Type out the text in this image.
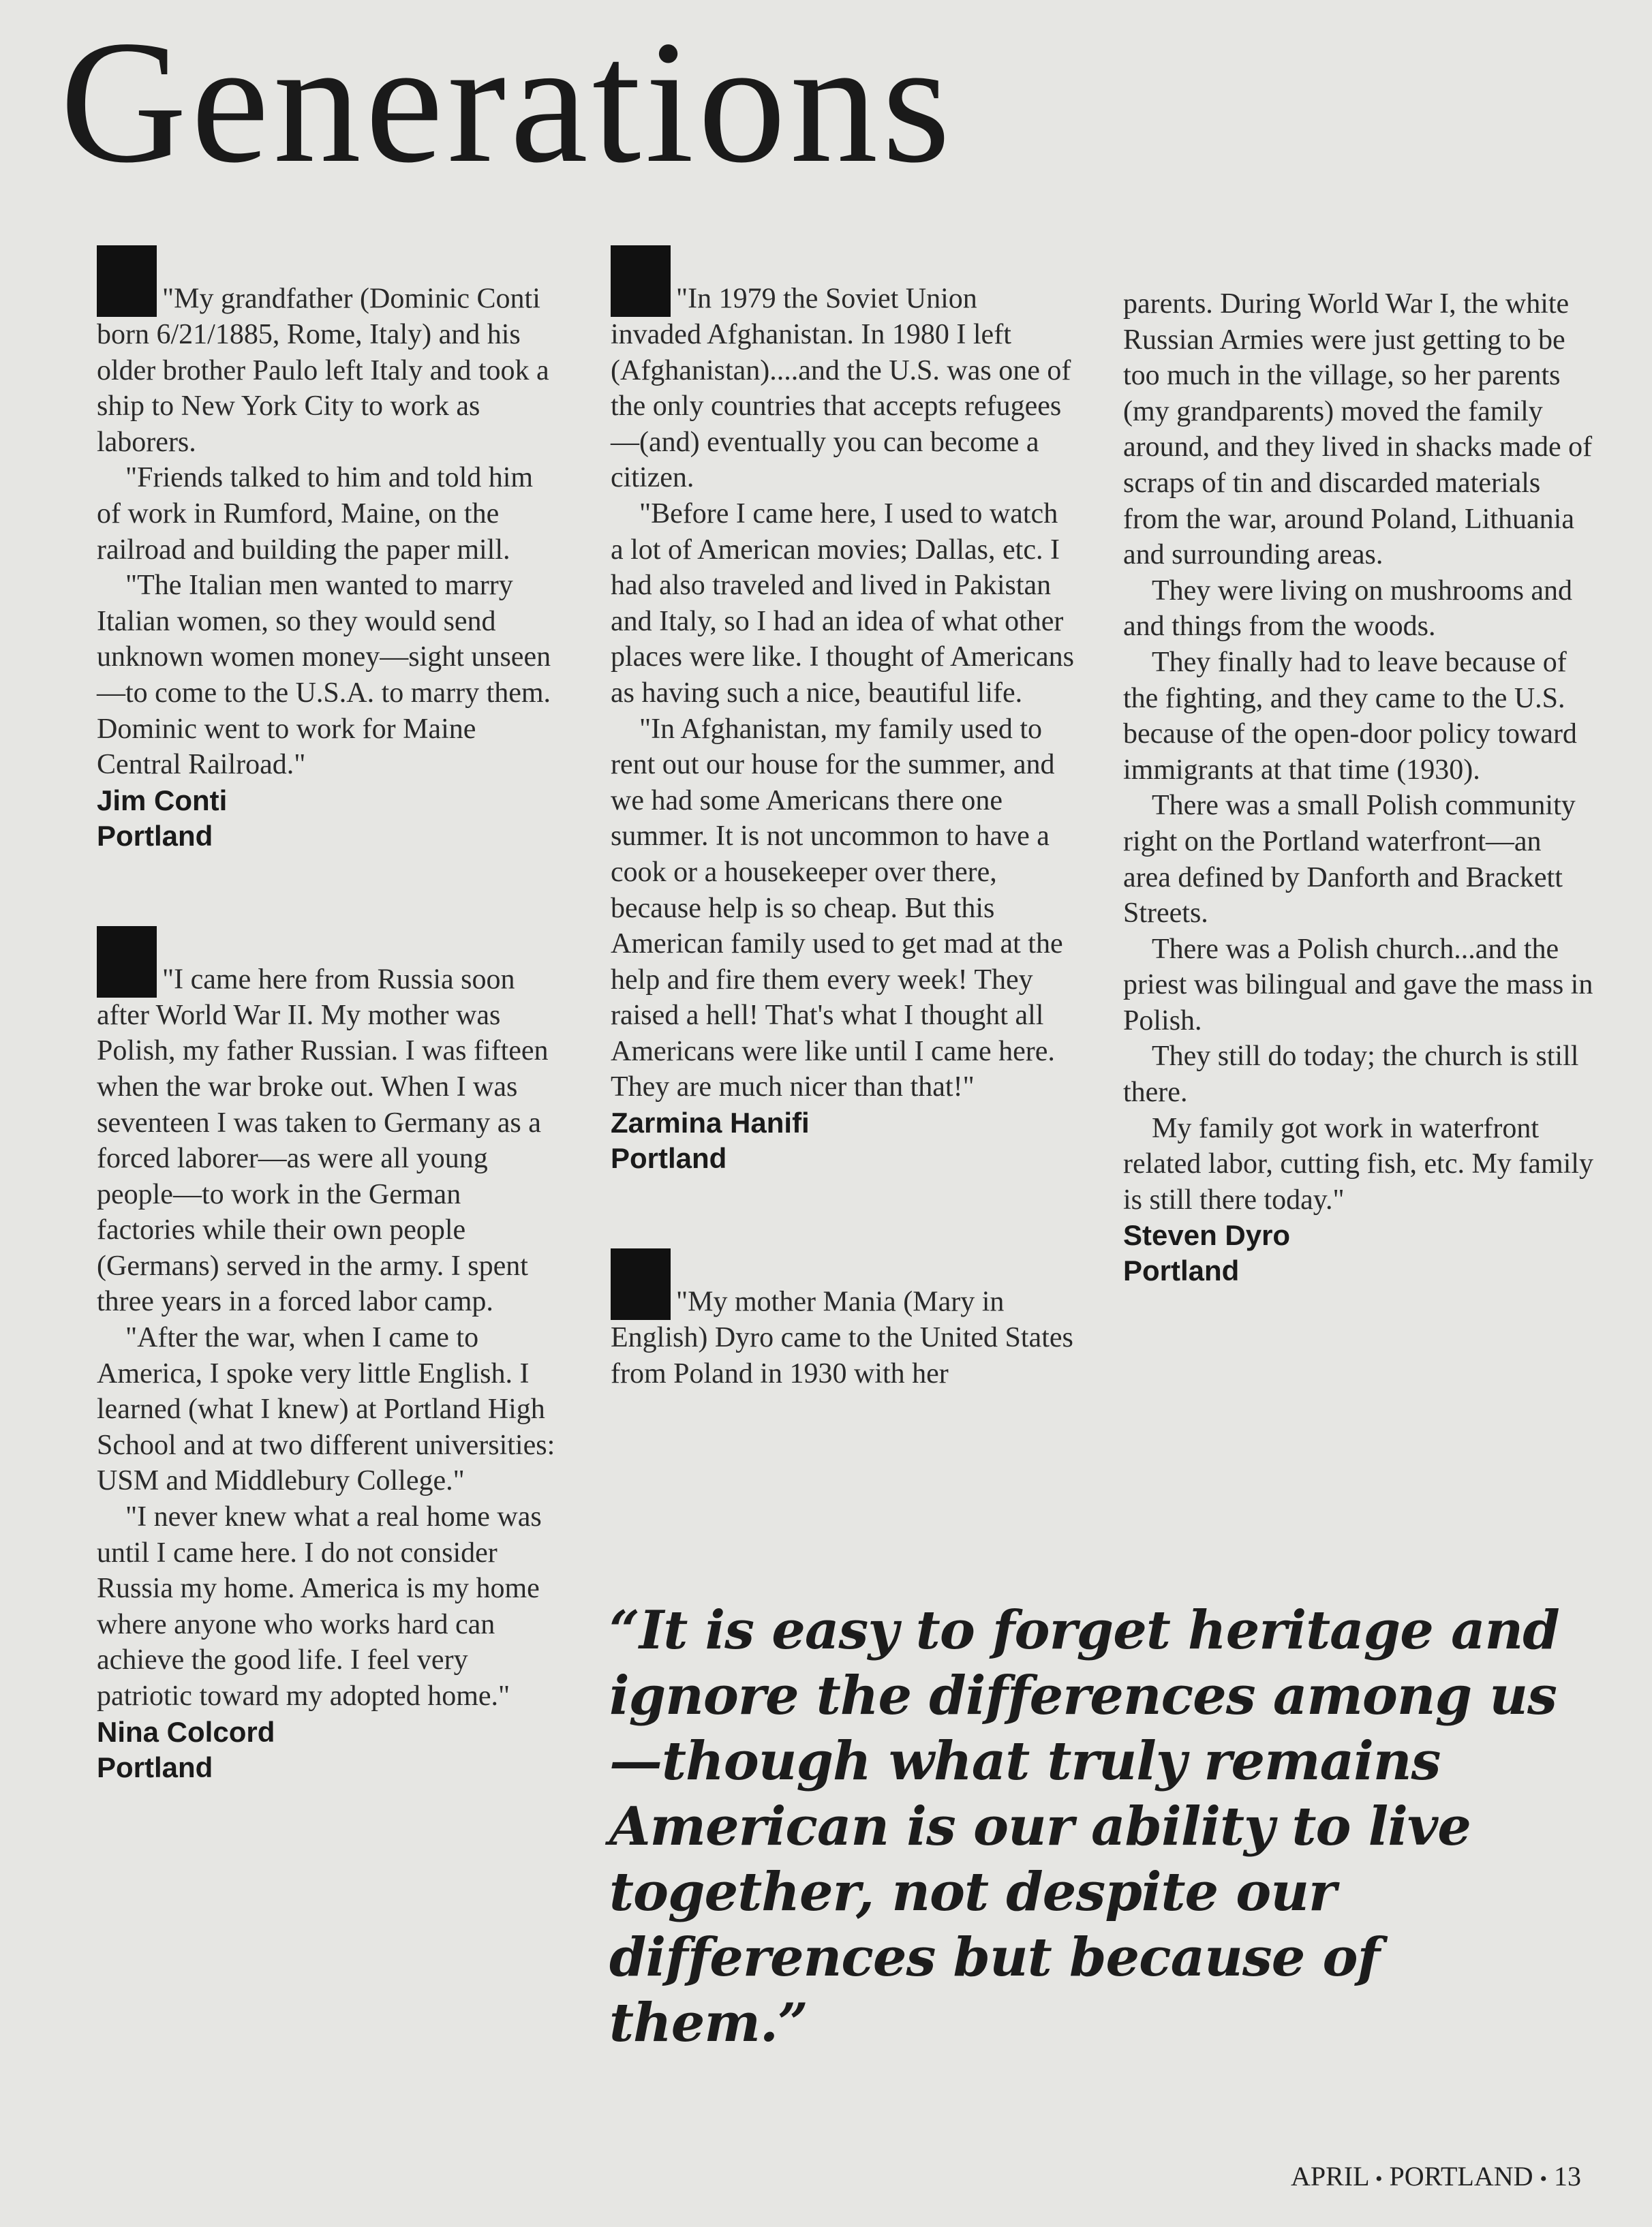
Generations

"My grandfather (Dominic Conti born 6/21/1885, Rome, Italy) and his older brother Paulo left Italy and took a ship to New York City to work as laborers.

"Friends talked to him and told him of work in Rumford, Maine, on the railroad and building the paper mill.

"The Italian men wanted to marry Italian women, so they would send unknown women money—sight unseen—to come to the U.S.A. to marry them. Dominic went to work for Maine Central Railroad."

Jim Conti
Portland

"I came here from Russia soon after World War II. My mother was Polish, my father Russian. I was fifteen when the war broke out. When I was seventeen I was taken to Germany as a forced laborer—as were all young people—to work in the German factories while their own people (Germans) served in the army. I spent three years in a forced labor camp.

"After the war, when I came to America, I spoke very little English. I learned (what I knew) at Portland High School and at two different universities: USM and Middlebury College."

"I never knew what a real home was until I came here. I do not consider Russia my home. America is my home where anyone who works hard can achieve the good life. I feel very patriotic toward my adopted home."

Nina Colcord
Portland

"In 1979 the Soviet Union invaded Afghanistan. In 1980 I left (Afghanistan)....and the U.S. was one of the only countries that accepts refugees—(and) eventually you can become a citizen.

"Before I came here, I used to watch a lot of American movies; Dallas, etc. I had also traveled and lived in Pakistan and Italy, so I had an idea of what other places were like. I thought of Americans as having such a nice, beautiful life.

"In Afghanistan, my family used to rent out our house for the summer, and we had some Americans there one summer. It is not uncommon to have a cook or a housekeeper over there, because help is so cheap. But this American family used to get mad at the help and fire them every week! They raised a hell! That's what I thought all Americans were like until I came here. They are much nicer than that!"

Zarmina Hanifi
Portland

"My mother Mania (Mary in English) Dyro came to the United States from Poland in 1930 with her

parents. During World War I, the white Russian Armies were just getting to be too much in the village, so her parents (my grandparents) moved the family around, and they lived in shacks made of scraps of tin and discarded materials from the war, around Poland, Lithuania and surrounding areas.

They were living on mushrooms and and things from the woods.

They finally had to leave because of the fighting, and they came to the U.S. because of the open-door policy toward immigrants at that time (1930).

There was a small Polish community right on the Portland waterfront—an area defined by Danforth and Brackett Streets.

There was a Polish church...and the priest was bilingual and gave the mass in Polish.

They still do today; the church is still there.

My family got work in waterfront related labor, cutting fish, etc. My family is still there today."

Steven Dyro
Portland
“It is easy to forget heritage and ignore the differences among us—though what truly remains American is our ability to live together, not despite our differences but because of them.”
APRIL • PORTLAND • 13
